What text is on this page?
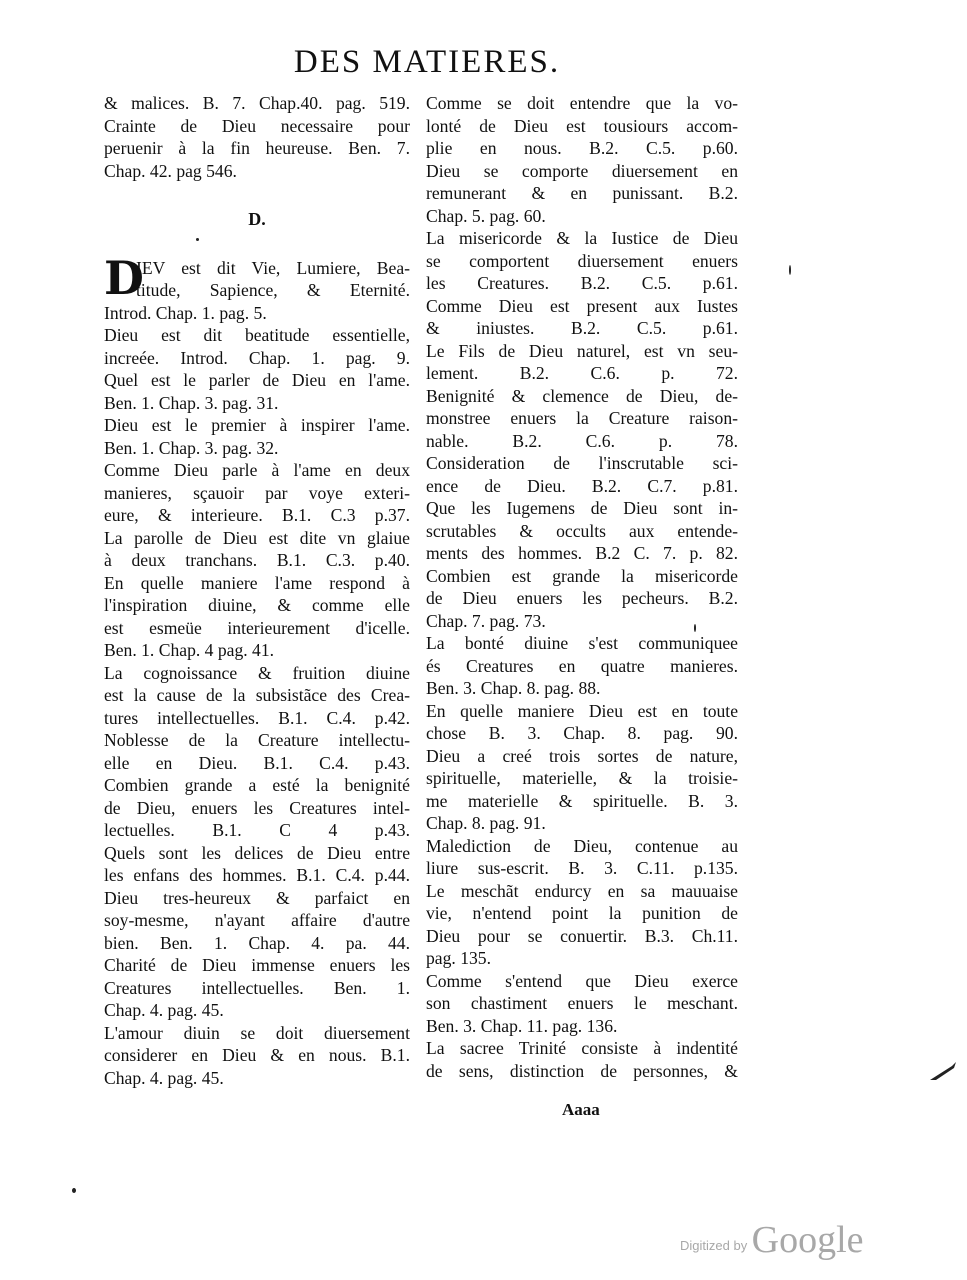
DES MATIERES.
& malices. B. 7. Chap.40. pag. 519.
Crainte de Dieu necessaire pour
peruenir à la fin heureuse. Ben. 7.
Chap. 42. pag 546.
D.
D
IEV est dit Vie, Lumiere, Bea-
titude, Sapience, & Eternité.
Introd. Chap. 1. pag. 5.
Dieu est dit beatitude essentielle,
increée. Introd. Chap. 1. pag. 9.
Quel est le parler de Dieu en l'ame.
Ben. 1. Chap. 3. pag. 31.
Dieu est le premier à inspirer l'ame.
Ben. 1. Chap. 3. pag. 32.
Comme Dieu parle à l'ame en deux
manieres, sçauoir par voye exteri-
eure, & interieure. B.1. C.3 p.37.
La parolle de Dieu est dite vn glaiue
à deux tranchans. B.1. C.3. p.40.
En quelle maniere l'ame respond à
l'inspiration diuine, & comme elle
est esmeüe interieurement d'icelle.
Ben. 1. Chap. 4 pag. 41.
La cognoissance & fruition diuine
est la cause de la subsistãce des Crea-
tures intellectuelles. B.1. C.4. p.42.
Noblesse de la Creature intellectu-
elle en Dieu. B.1. C.4. p.43.
Combien grande a esté la benignité
de Dieu, enuers les Creatures intel-
lectuelles. B.1. C 4 p.43.
Quels sont les delices de Dieu entre
les enfans des hommes. B.1. C.4. p.44.
Dieu tres-heureux & parfaict en
soy-mesme, n'ayant affaire d'autre
bien. Ben. 1. Chap. 4. pa. 44.
Charité de Dieu immense enuers les
Creatures intellectuelles. Ben. 1.
Chap. 4. pag. 45.
L'amour diuin se doit diuersement
considerer en Dieu & en nous. B.1.
Chap. 4. pag. 45.
Comme se doit entendre que la vo-
lonté de Dieu est tousiours accom-
plie en nous. B.2. C.5. p.60.
Dieu se comporte diuersement en
remunerant & en punissant. B.2.
Chap. 5. pag. 60.
La misericorde & la Iustice de Dieu
se comportent diuersement enuers
les Creatures. B.2. C.5. p.61.
Comme Dieu est present aux Iustes
& iniustes. B.2. C.5. p.61.
Le Fils de Dieu naturel, est vn seu-
lement. B.2. C.6. p. 72.
Benignité & clemence de Dieu, de-
monstree enuers la Creature raison-
nable. B.2. C.6. p. 78.
Consideration de l'inscrutable sci-
ence de Dieu. B.2. C.7. p.81.
Que les Iugemens de Dieu sont in-
scrutables & occults aux entende-
ments des hommes. B.2 C. 7. p. 82.
Combien est grande la misericorde
de Dieu enuers les pecheurs. B.2.
Chap. 7. pag. 73.
La bonté diuine s'est communiquee
és Creatures en quatre manieres.
Ben. 3. Chap. 8. pag. 88.
En quelle maniere Dieu est en toute
chose B. 3. Chap. 8. pag. 90.
Dieu a creé trois sortes de nature,
spirituelle, materielle, & la troisie-
me materielle & spirituelle. B. 3.
Chap. 8. pag. 91.
Malediction de Dieu, contenue au
liure sus-escrit. B. 3. C.11. p.135.
Le meschãt endurcy en sa mauuaise
vie, n'entend point la punition de
Dieu pour se conuertir. B.3. Ch.11.
pag. 135.
Comme s'entend que Dieu exerce
son chastiment enuers le meschant.
Ben. 3. Chap. 11. pag. 136.
La sacree Trinité consiste à indentité
de sens, distinction de personnes, &
Aaaa
Digitized by Google
